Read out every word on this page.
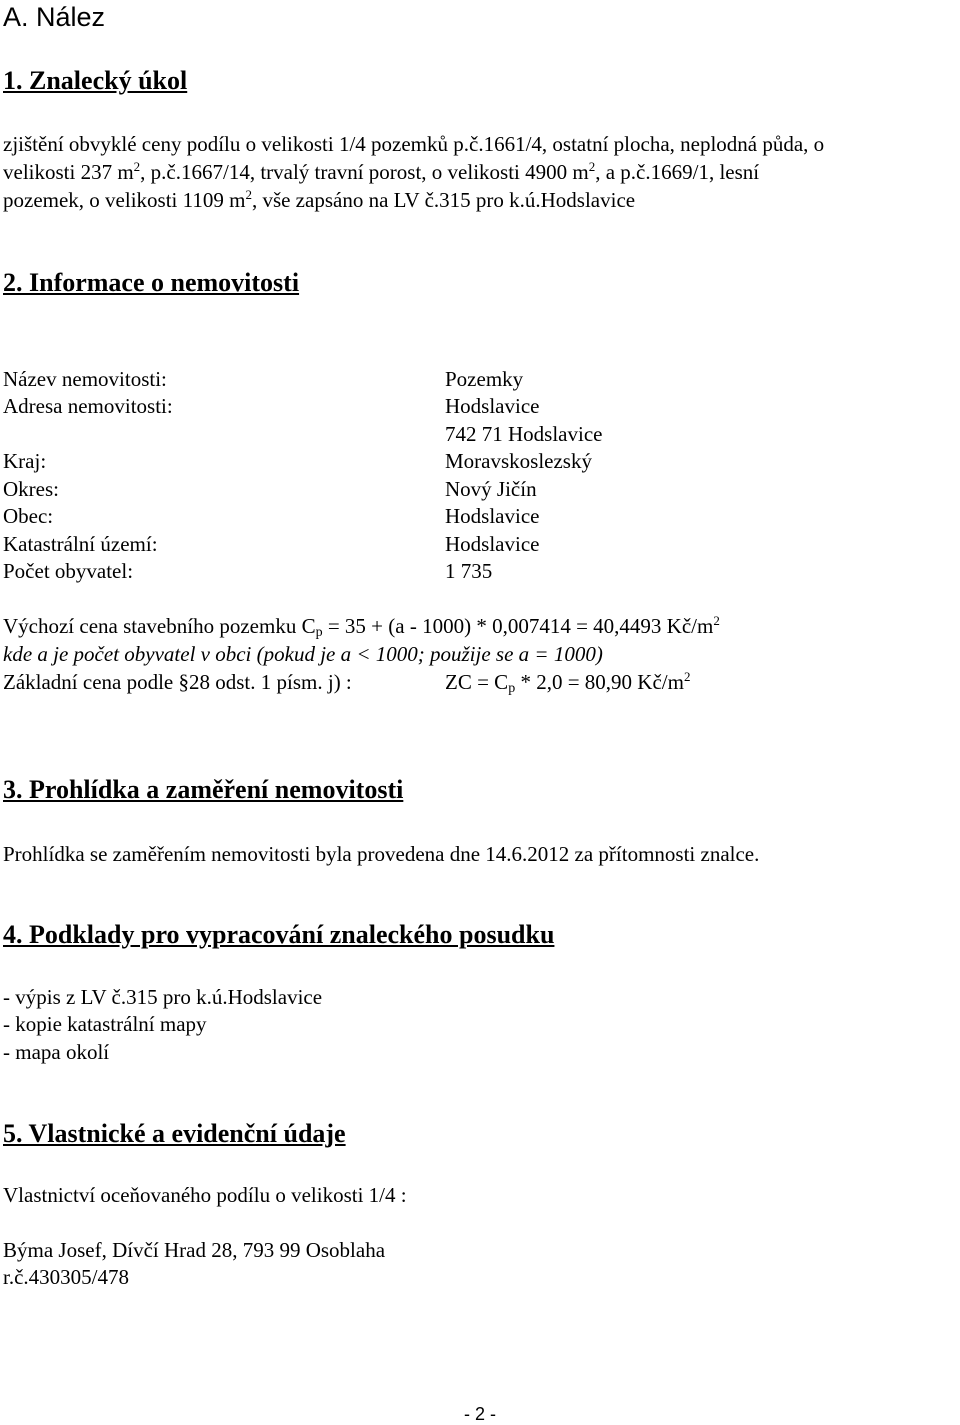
A. Nález
1. Znalecký úkol
zjištění obvyklé ceny podílu o velikosti 1/4 pozemků p.č.1661/4, ostatní plocha, neplodná půda, o
velikosti 237 $m^2$, p.č.1667/14, trvalý travní porost, o velikosti 4900 $m^2$, a p.č.1669/1, lesní
pozemek, o velikosti 1109 $m^2$, vše zapsáno na LV č.315 pro k.ú.Hodslavice
2. Informace o nemovitosti
Název nemovitosti:	Pozemky
Adresa nemovitosti:	Hodslavice
742 71 Hodslavice
Kraj:	Moravskoslezský
Okres:	Nový Jičín
Obec:	Hodslavice
Katastrální území:	Hodslavice
Počet obyvatel:	1 735
Výchozí cena stavebního pozemku $C_p = 35 + (a - 1000) * 0,007414 = 40,4493$ $Kč/m^2$
kde a je počet obyvatel v obci (pokud je a < 1000; použije se a = 1000)
Základní cena podle §28 odst. 1 písm. j) :	ZC = $C_p * 2,0 = 80,90$ $Kč/m^2$
3. Prohlídka a zaměření nemovitosti
Prohlídka se zaměřením nemovitosti byla provedena dne 14.6.2012 za přítomnosti znalce.
4. Podklady pro vypracování znaleckého posudku
- výpis z LV č.315 pro k.ú.Hodslavice
- kopie katastrální mapy
- mapa okolí
5. Vlastnické a evidenční údaje
Vlastnictví oceňovaného podílu o velikosti 1/4 :
Býma Josef, Dívčí Hrad 28, 793 99 Osoblaha
r.č.430305/478
- 2 -
